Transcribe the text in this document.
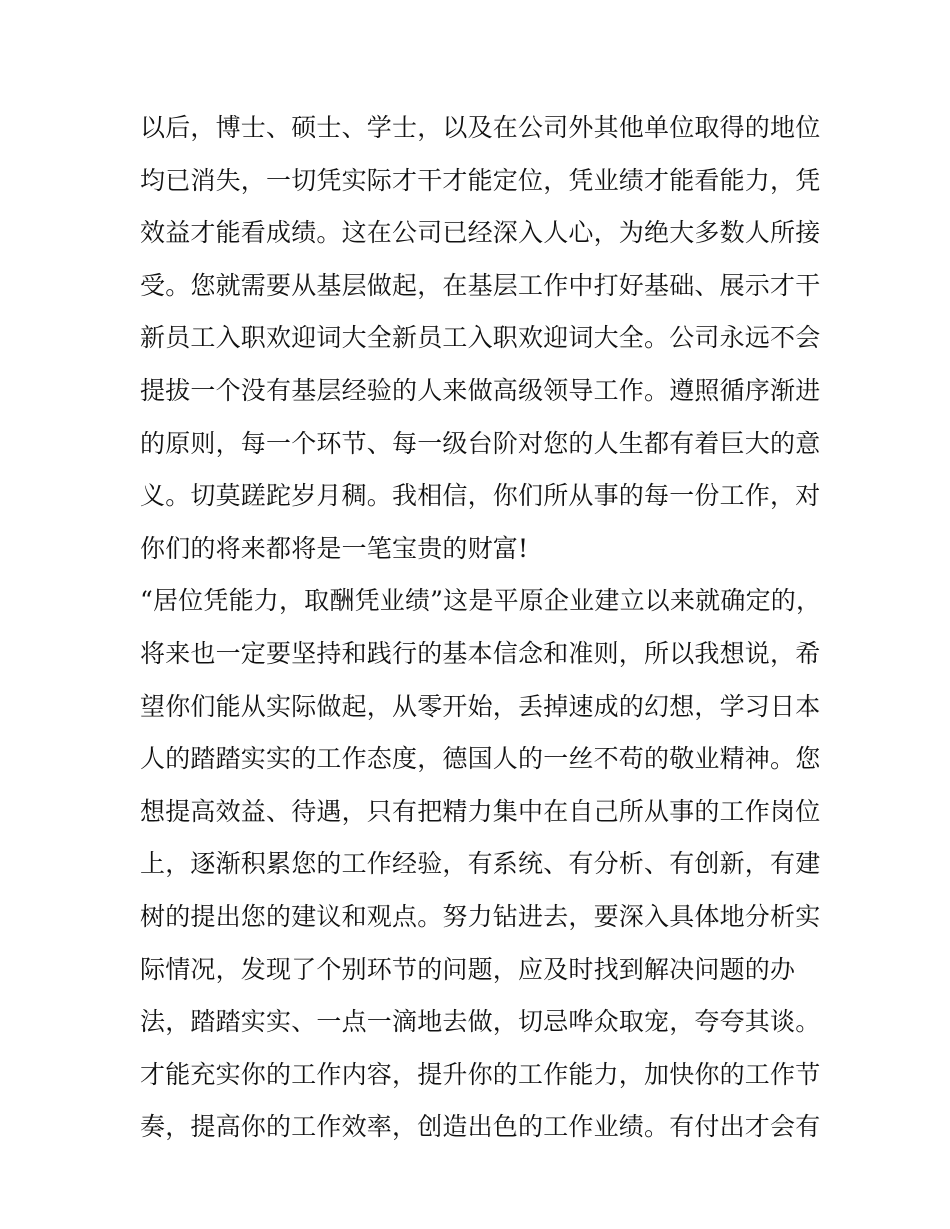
以后，博士、硕士、学士，以及在公司外其他单位取得的地位
均已消失，一切凭实际才干才能定位，凭业绩才能看能力，凭
效益才能看成绩。这在公司已经深入人心，为绝大多数人所接
受。您就需要从基层做起，在基层工作中打好基础、展示才干
新员工入职欢迎词大全新员工入职欢迎词大全。公司永远不会
提拔一个没有基层经验的人来做高级领导工作。遵照循序渐进
的原则，每一个环节、每一级台阶对您的人生都有着巨大的意
义。切莫蹉跎岁月稠。我相信，你们所从事的每一份工作，对
你们的将来都将是一笔宝贵的财富!
“居位凭能力，取酬凭业绩”这是平原企业建立以来就确定的，
将来也一定要坚持和践行的基本信念和准则，所以我想说，希
望你们能从实际做起，从零开始，丢掉速成的幻想，学习日本
人的踏踏实实的工作态度，德国人的一丝不苟的敬业精神。您
想提高效益、待遇，只有把精力集中在自己所从事的工作岗位
上，逐渐积累您的工作经验，有系统、有分析、有创新，有建
树的提出您的建议和观点。努力钻进去，要深入具体地分析实
际情况，发现了个别环节的问题，应及时找到解决问题的办
法，踏踏实实、一点一滴地去做，切忌哗众取宠，夸夸其谈。
才能充实你的工作内容，提升你的工作能力，加快你的工作节
奏，提高你的工作效率，创造出色的工作业绩。有付出才会有
